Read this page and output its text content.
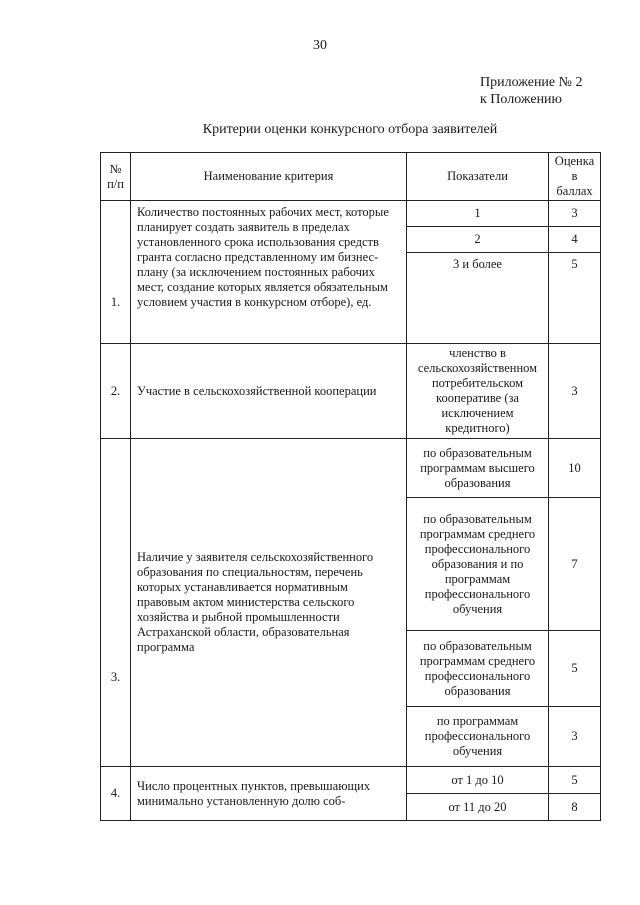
30
Приложение № 2
к Положению
Критерии оценки конкурсного отбора заявителей
№ п/п	Наименование критерия	Показатели	Оценка в баллах

1.	Количество постоянных рабочих мест, которые планирует создать заявитель в пределах установленного срока использования средств гранта согласно представленному им бизнес-плану (за исключением постоянных рабочих мест, создание которых является обязательным условием участия в конкурсном отборе), ед.	1	3
		2	4
		3 и более	5
2.	Участие в сельскохозяйственной кооперации	членство в сельскохозяйственном потребительском кооперативе (за исключением кредитного)	3

3.	Наличие у заявителя сельскохозяйственного образования по специальностям, перечень которых устанавливается нормативным правовым актом министерства сельского хозяйства и рыбной промышленности Астраханской области, образовательная программа	по образовательным программам высшего образования	10
		по образовательным программам среднего профессионального образования и по программам профессионального обучения	7
		по образовательным программам среднего профессионального образования	5
		по программам профессионального обучения	3
4.	Число процентных пунктов, превышающих минимально установленную долю соб-	от 1 до 10	5
		от 11 до 20	8
